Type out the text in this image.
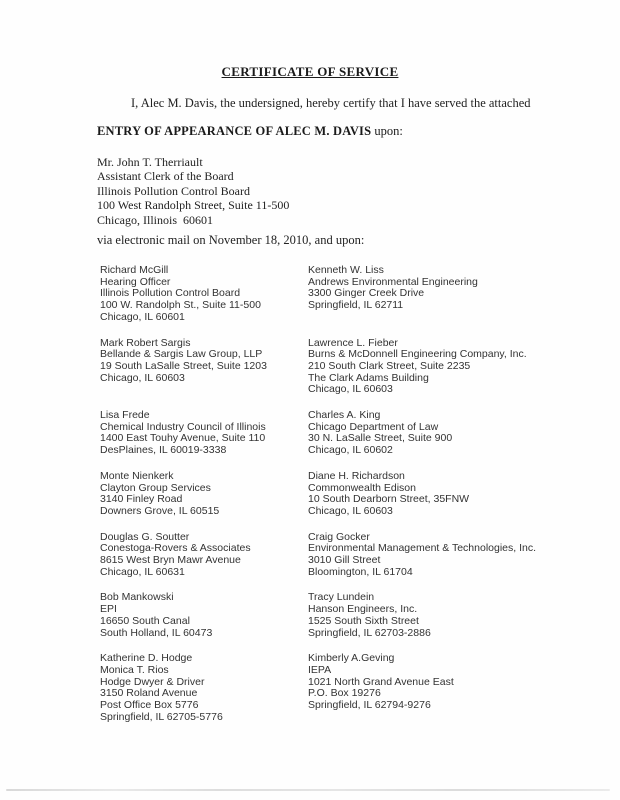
CERTIFICATE OF SERVICE
I, Alec M. Davis, the undersigned, hereby certify that I have served the attached
ENTRY OF APPEARANCE OF ALEC M. DAVIS upon:
Mr. John T. Therriault
Assistant Clerk of the Board
Illinois Pollution Control Board
100 West Randolph Street, Suite 11-500
Chicago, Illinois  60601
via electronic mail on November 18, 2010, and upon:
Richard McGill
Hearing Officer
Illinois Pollution Control Board
100 W. Randolph St., Suite 11-500
Chicago, IL 60601
Kenneth W. Liss
Andrews Environmental Engineering
3300 Ginger Creek Drive
Springfield, IL 62711
Mark Robert Sargis
Bellande & Sargis Law Group, LLP
19 South LaSalle Street, Suite 1203
Chicago, IL 60603
Lawrence L. Fieber
Burns & McDonnell Engineering Company, Inc.
210 South Clark Street, Suite 2235
The Clark Adams Building
Chicago, IL 60603
Lisa Frede
Chemical Industry Council of Illinois
1400 East Touhy Avenue, Suite 110
DesPlaines, IL 60019-3338
Charles A. King
Chicago Department of Law
30 N. LaSalle Street, Suite 900
Chicago, IL 60602
Monte Nienkerk
Clayton Group Services
3140 Finley Road
Downers Grove, IL 60515
Diane H. Richardson
Commonwealth Edison
10 South Dearborn Street, 35FNW
Chicago, IL 60603
Douglas G. Soutter
Conestoga-Rovers & Associates
8615 West Bryn Mawr Avenue
Chicago, IL 60631
Craig Gocker
Environmental Management & Technologies, Inc.
3010 Gill Street
Bloomington, IL 61704
Bob Mankowski
EPI
16650 South Canal
South Holland, IL 60473
Tracy Lundein
Hanson Engineers, Inc.
1525 South Sixth Street
Springfield, IL 62703-2886
Katherine D. Hodge
Monica T. Rios
Hodge Dwyer & Driver
3150 Roland Avenue
Post Office Box 5776
Springfield, IL 62705-5776
Kimberly A.Geving
IEPA
1021 North Grand Avenue East
P.O. Box 19276
Springfield, IL 62794-9276
